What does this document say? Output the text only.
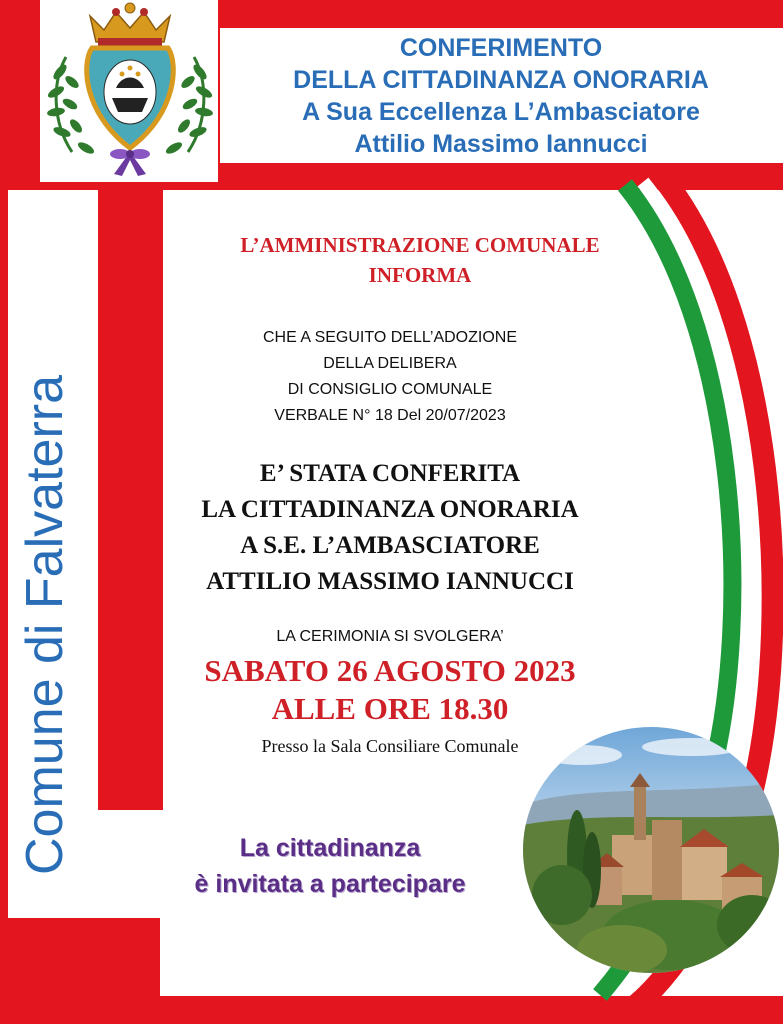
CONFERIMENTO
DELLA CITTADINANZA ONORARIA
A Sua Eccellenza L’Ambasciatore
Attilio Massimo Iannucci
Comune di Falvaterra
L’AMMINISTRAZIONE COMUNALE
INFORMA
CHE A SEGUITO DELL’ADOZIONE
DELLA DELIBERA
DI CONSIGLIO COMUNALE
VERBALE N° 18 Del 20/07/2023
E’ STATA CONFERITA
LA CITTADINANZA ONORARIA
A S.E. L’AMBASCIATORE
ATTILIO MASSIMO IANNUCCI
LA CERIMONIA SI SVOLGERA’
SABATO 26 AGOSTO 2023
ALLE ORE 18.30
Presso la Sala Consiliare Comunale
La cittadinanza
è invitata a partecipare
